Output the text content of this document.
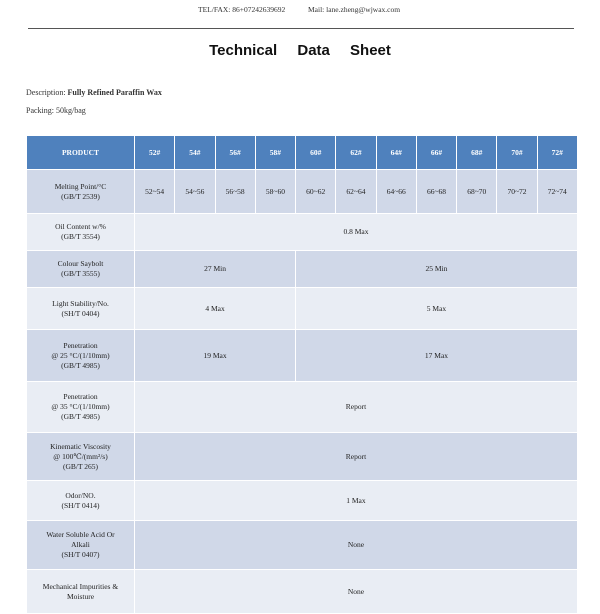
TEL/FAX: 86+07242639692	Mail: lane.zheng@wjwax.com
Technical Data Sheet
Description: Fully Refined Paraffin Wax
Packing: 50kg/bag
PRODUCT	52#	54#	56#	58#	60#	62#	64#	66#	68#	70#	72#

Melting Point/°C
(GB/T 2539)	52~54	54~56	56~58	58~60	60~62	62~64	64~66	66~68	68~70	70~72	72~74

Oil Content w/%
(GB/T 3554)	0.8 Max										

Colour Saybolt
(GB/T 3555)	27 Min				25 Min						

Light Stability/No.
(SH/T 0404)	4 Max				5 Max						

Penetration
@ 25 °C/(1/10mm)
(GB/T 4985)	19 Max				17 Max						

Penetration
@ 35 °C/(1/10mm)
(GB/T 4985)	Report										

Kinematic Viscosity
@ 100℃/(mm²/s)
(GB/T 265)	Report										

Odor/NO.
(SH/T 0414)	1 Max										

Water Soluble Acid Or
Alkali
(SH/T 0407)	None										

Mechanical Impurities &
Moisture	None										
